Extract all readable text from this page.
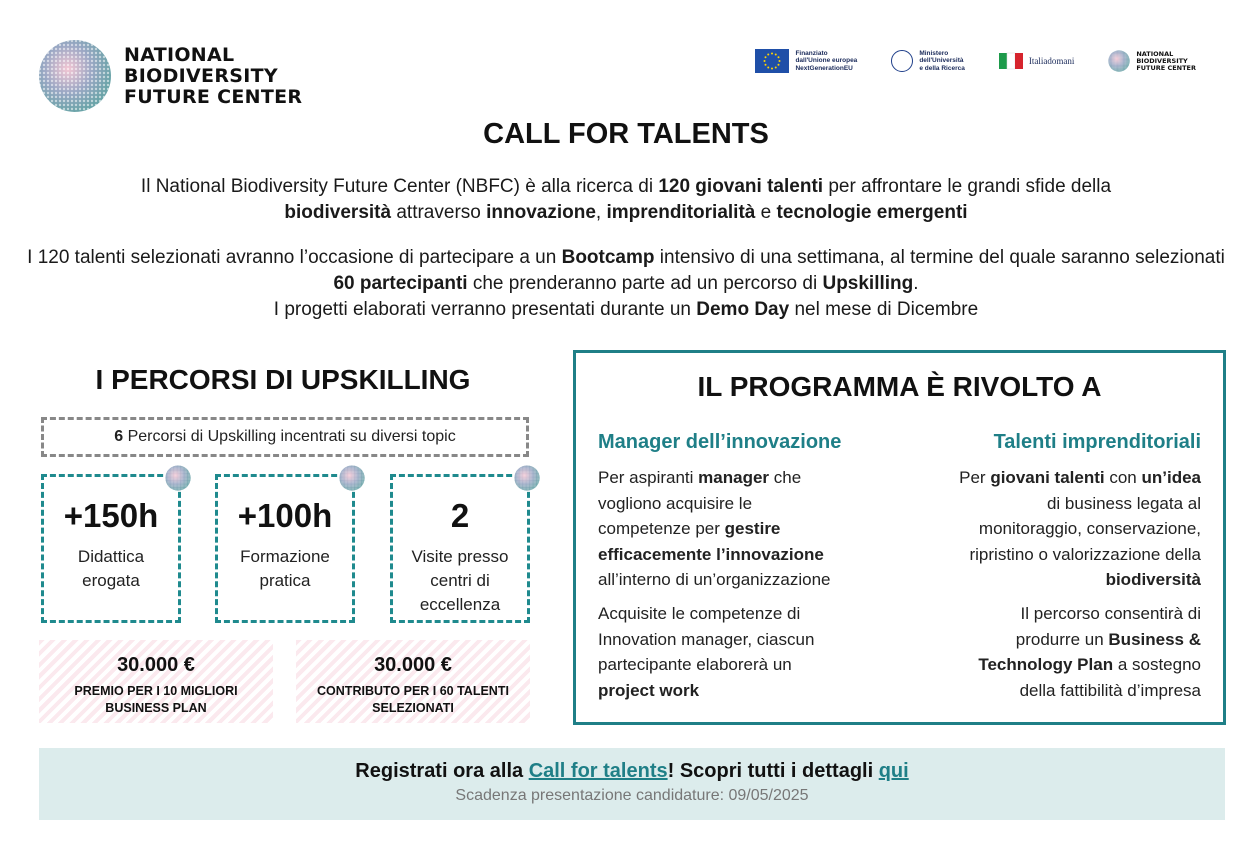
NATIONAL
BIODIVERSITY
FUTURE CENTER
Finanziato
dall'Unione europea
NextGenerationEU
Ministero
dell'Università
e della Ricerca
Italiadomani
NATIONAL
BIODIVERSITY
FUTURE CENTER
CALL FOR TALENTS
Il National Biodiversity Future Center (NBFC) è alla ricerca di 120 giovani talenti per affrontare le grandi sfide della
biodiversità attraverso innovazione, imprenditorialità e tecnologie emergenti
I 120 talenti selezionati avranno l’occasione di partecipare a un Bootcamp intensivo di una settimana, al termine del quale saranno selezionati 60 partecipanti che prenderanno parte ad un percorso di Upskilling.
I progetti elaborati verranno presentati durante un Demo Day nel mese di Dicembre
I PERCORSI DI UPSKILLING
6 Percorsi di Upskilling incentrati su diversi topic
+150h
Didattica
erogata
+100h
Formazione
pratica
2
Visite presso
centri di
eccellenza
30.000 €
PREMIO PER I 10 MIGLIORI
BUSINESS PLAN
30.000 €
CONTRIBUTO PER I 60 TALENTI
SELEZIONATI
IL PROGRAMMA È RIVOLTO A
Manager dell’innovazione
Per aspiranti manager che
vogliono acquisire le
competenze per gestire
efficacemente l’innovazione
all’interno di un’organizzazione
Acquisite le competenze di
Innovation manager, ciascun
partecipante elaborerà un
project work
Talenti imprenditoriali
Per giovani talenti con un’idea
di business legata al
monitoraggio, conservazione,
ripristino o valorizzazione della
biodiversità
Il percorso consentirà di
produrre un Business &
Technology Plan a sostegno
della fattibilità d’impresa
Registrati ora alla Call for talents! Scopri tutti i dettagli qui
Scadenza presentazione candidature: 09/05/2025
